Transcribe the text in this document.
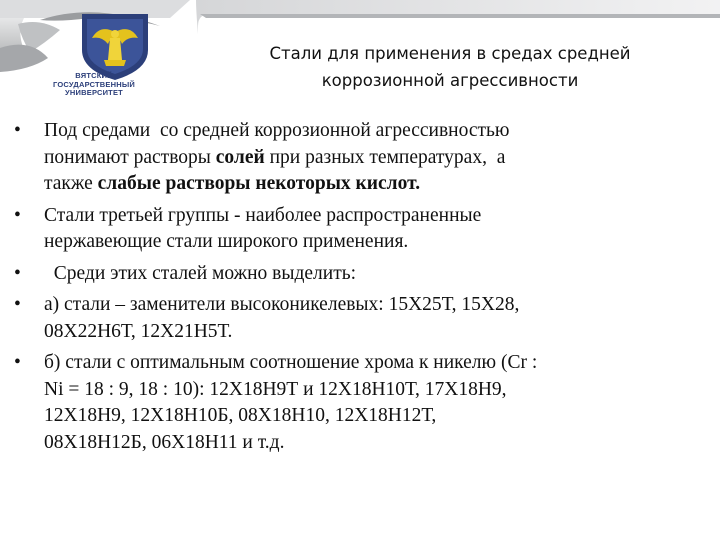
ВЯТСКИЙ
ГОСУДАРСТВЕННЫЙ
УНИВЕРСИТЕТ
Стали для применения в средах средней
коррозионной агрессивности
•	Под средами  со средней коррозионной агрессивностью
понимают растворы солей при разных температурах,  а
также слабые растворы некоторых кислот.
•	Стали третьей группы - наиболее распространенные
нержавеющие стали широкого применения.
•	Среди этих сталей можно выделить:
•	а) стали – заменители высоконикелевых: 15Х25Т, 15Х28,
08Х22Н6Т, 12Х21Н5Т.
•	б) стали с оптимальным соотношение хрома к никелю (Cr :
Ni = 18 : 9, 18 : 10): 12Х18Н9Т и 12Х18Н10Т, 17Х18Н9,
12Х18Н9, 12Х18Н10Б, 08Х18Н10, 12Х18Н12Т,
08Х18Н12Б, 06Х18Н11 и т.д.
